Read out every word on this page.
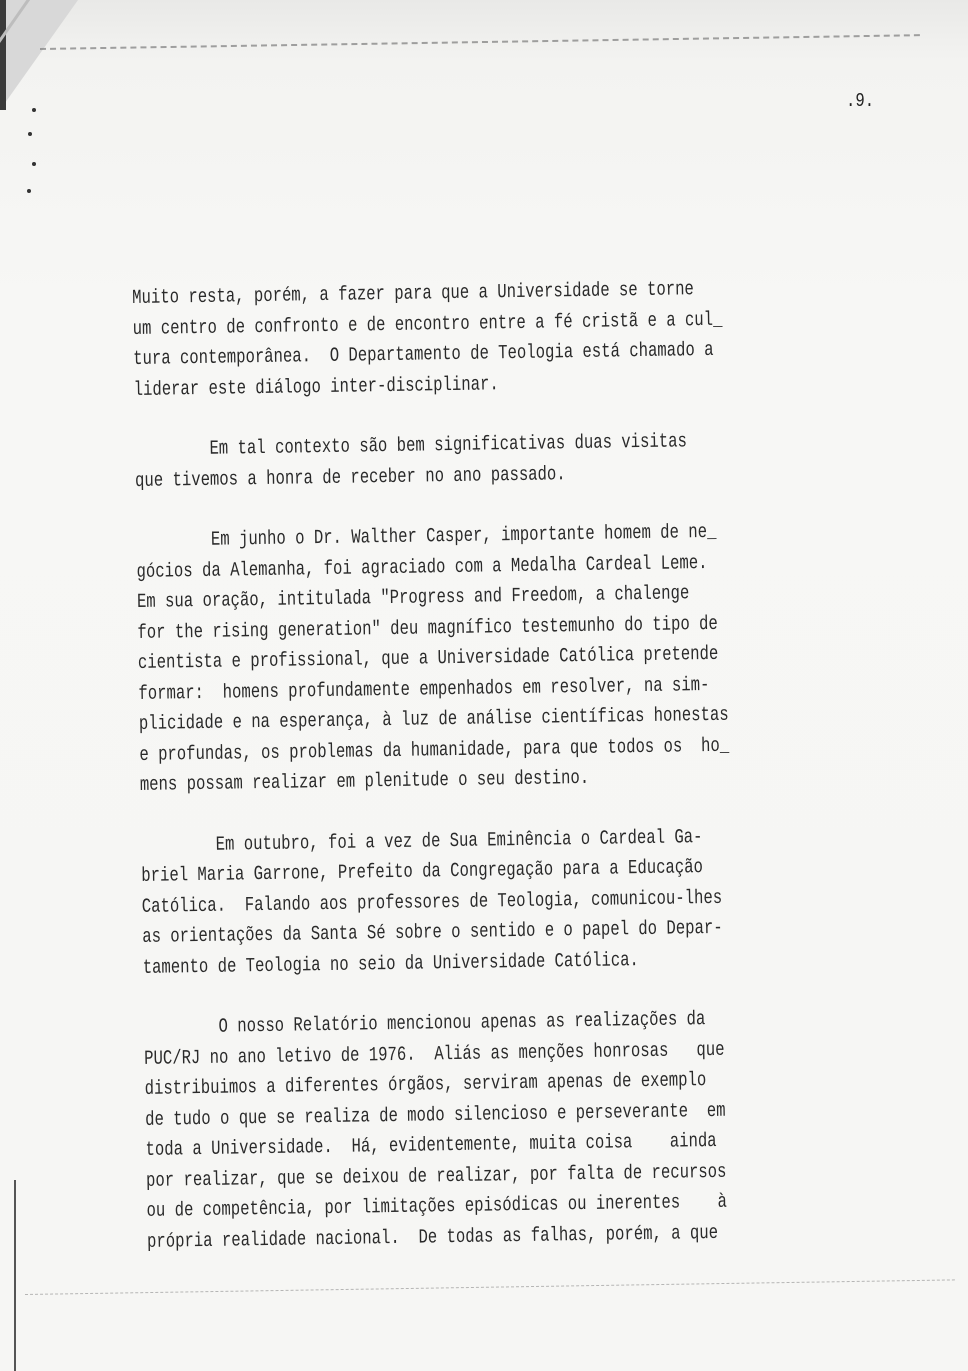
.9.
Muito resta, porém, a fazer para que a Universidade se torne
um centro de confronto e de encontro entre a fé cristã e a cul_
tura contemporânea.  O Departamento de Teologia está chamado a
liderar este diálogo inter-disciplinar.
Em tal contexto são bem significativas duas visitas
que tivemos a honra de receber no ano passado.
Em junho o Dr. Walther Casper, importante homem de ne_
gócios da Alemanha, foi agraciado com a Medalha Cardeal Leme.
Em sua oração, intitulada "Progress and Freedom, a chalenge
for the rising generation" deu magnífico testemunho do tipo de
cientista e profissional, que a Universidade Católica pretende
formar:  homens profundamente empenhados em resolver, na sim-
plicidade e na esperança, à luz de análise científicas honestas
e profundas, os problemas da humanidade, para que todos os  ho_
mens possam realizar em plenitude o seu destino.
Em outubro, foi a vez de Sua Eminência o Cardeal Ga-
briel Maria Garrone, Prefeito da Congregação para a Educação
Católica.  Falando aos professores de Teologia, comunicou-lhes
as orientações da Santa Sé sobre o sentido e o papel do Depar-
tamento de Teologia no seio da Universidade Católica.
O nosso Relatório mencionou apenas as realizações da
PUC/RJ no ano letivo de 1976.  Aliás as menções honrosas   que
distribuimos a diferentes órgãos, serviram apenas de exemplo
de tudo o que se realiza de modo silencioso e perseverante  em
toda a Universidade.  Há, evidentemente, muita coisa    ainda
por realizar, que se deixou de realizar, por falta de recursos
ou de competência, por limitações episódicas ou inerentes    à
própria realidade nacional.  De todas as falhas, porém, a que
